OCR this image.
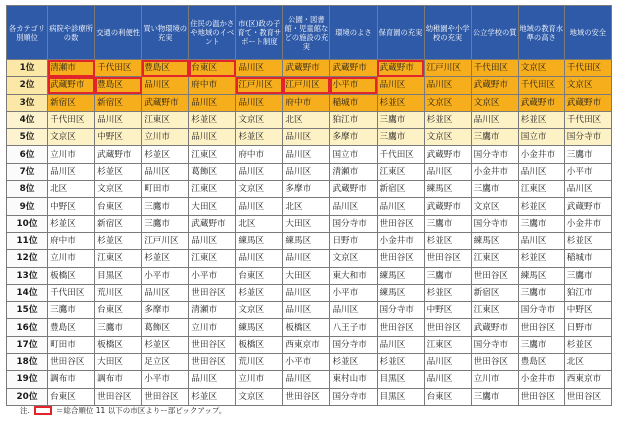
各カテゴリ別順位	病院や診療所の数	交通の利便性	買い物環境の充実	住民の温かさや地域のイベント	市(区)政の子育て・教育サポート制度	公園・図書館・児童館などの施設の充実	環境のよさ	保育園の充実	幼稚園や小学校の充実	公立学校の質	地域の教育水準の高さ	地域の安全
1位	清瀬市	千代田区	豊島区	台東区	品川区	武蔵野市	武蔵野市	武蔵野市	江戸川区	千代田区	文京区	千代田区
2位	武蔵野市	豊島区	品川区	府中市	江戸川区	江戸川区	小平市	品川区	品川区	武蔵野市	千代田区	文京区
3位	新宿区	新宿区	武蔵野市	品川区	品川区	府中市	稲城市	杉並区	文京区	文京区	武蔵野市	武蔵野市
4位	千代田区	品川区	江東区	杉並区	文京区	北区	狛江市	三鷹市	杉並区	品川区	杉並区	千代田区
5位	文京区	中野区	立川市	品川区	杉並区	品川区	多摩市	三鷹市	文京区	三鷹市	国立市	国分寺市
6位	立川市	武蔵野市	杉並区	江東区	府中市	品川区	国立市	千代田区	武蔵野市	国分寺市	小金井市	三鷹市
7位	品川区	杉並区	品川区	葛飾区	品川区	品川区	清瀬市	江東区	品川区	小金井市	品川区	小平市
8位	北区	文京区	町田市	江東区	文京区	多摩市	武蔵野市	新宿区	練馬区	三鷹市	江東区	品川区
9位	中野区	台東区	三鷹市	大田区	品川区	北区	品川区	品川区	武蔵野市	文京区	杉並区	武蔵野市
10位	杉並区	新宿区	三鷹市	武蔵野市	北区	大田区	国分寺市	世田谷区	三鷹市	国分寺市	三鷹市	小金井市
11位	府中市	杉並区	江戸川区	品川区	練馬区	練馬区	日野市	小金井市	杉並区	練馬区	品川区	杉並区
12位	立川市	江東区	杉並区	江東区	品川区	品川区	文京区	世田谷区	世田谷区	江東区	杉並区	稲城市
13位	板橋区	目黒区	小平市	小平市	台東区	大田区	東大和市	練馬区	三鷹市	世田谷区	練馬区	三鷹市
14位	千代田区	荒川区	品川区	世田谷区	杉並区	品川区	小平市	練馬区	杉並区	新宿区	三鷹市	狛江市
15位	三鷹市	台東区	多摩市	清瀬市	文京区	品川区	品川区	国分寺市	中野区	江東区	国分寺市	中野区
16位	豊島区	三鷹市	葛飾区	立川市	練馬区	板橋区	八王子市	世田谷区	世田谷区	武蔵野市	世田谷区	日野市
17位	町田市	板橋区	杉並区	世田谷区	板橋区	西東京市	国分寺市	品川区	江東区	国分寺市	三鷹市	杉並区
18位	世田谷区	大田区	足立区	世田谷区	荒川区	小平市	杉並区	杉並区	品川区	世田谷区	豊島区	北区
19位	調布市	調布市	小平市	品川区	立川市	品川区	東村山市	目黒区	品川区	立川市	小金井市	西東京市
20位	台東区	世田谷区	世田谷区	杉並区	文京区	世田谷区	国分寺市	目黒区	台東区	三鷹市	世田谷区	世田谷区
注.	＝総合順位 11 以下の市区よりー部ピックアップ。
